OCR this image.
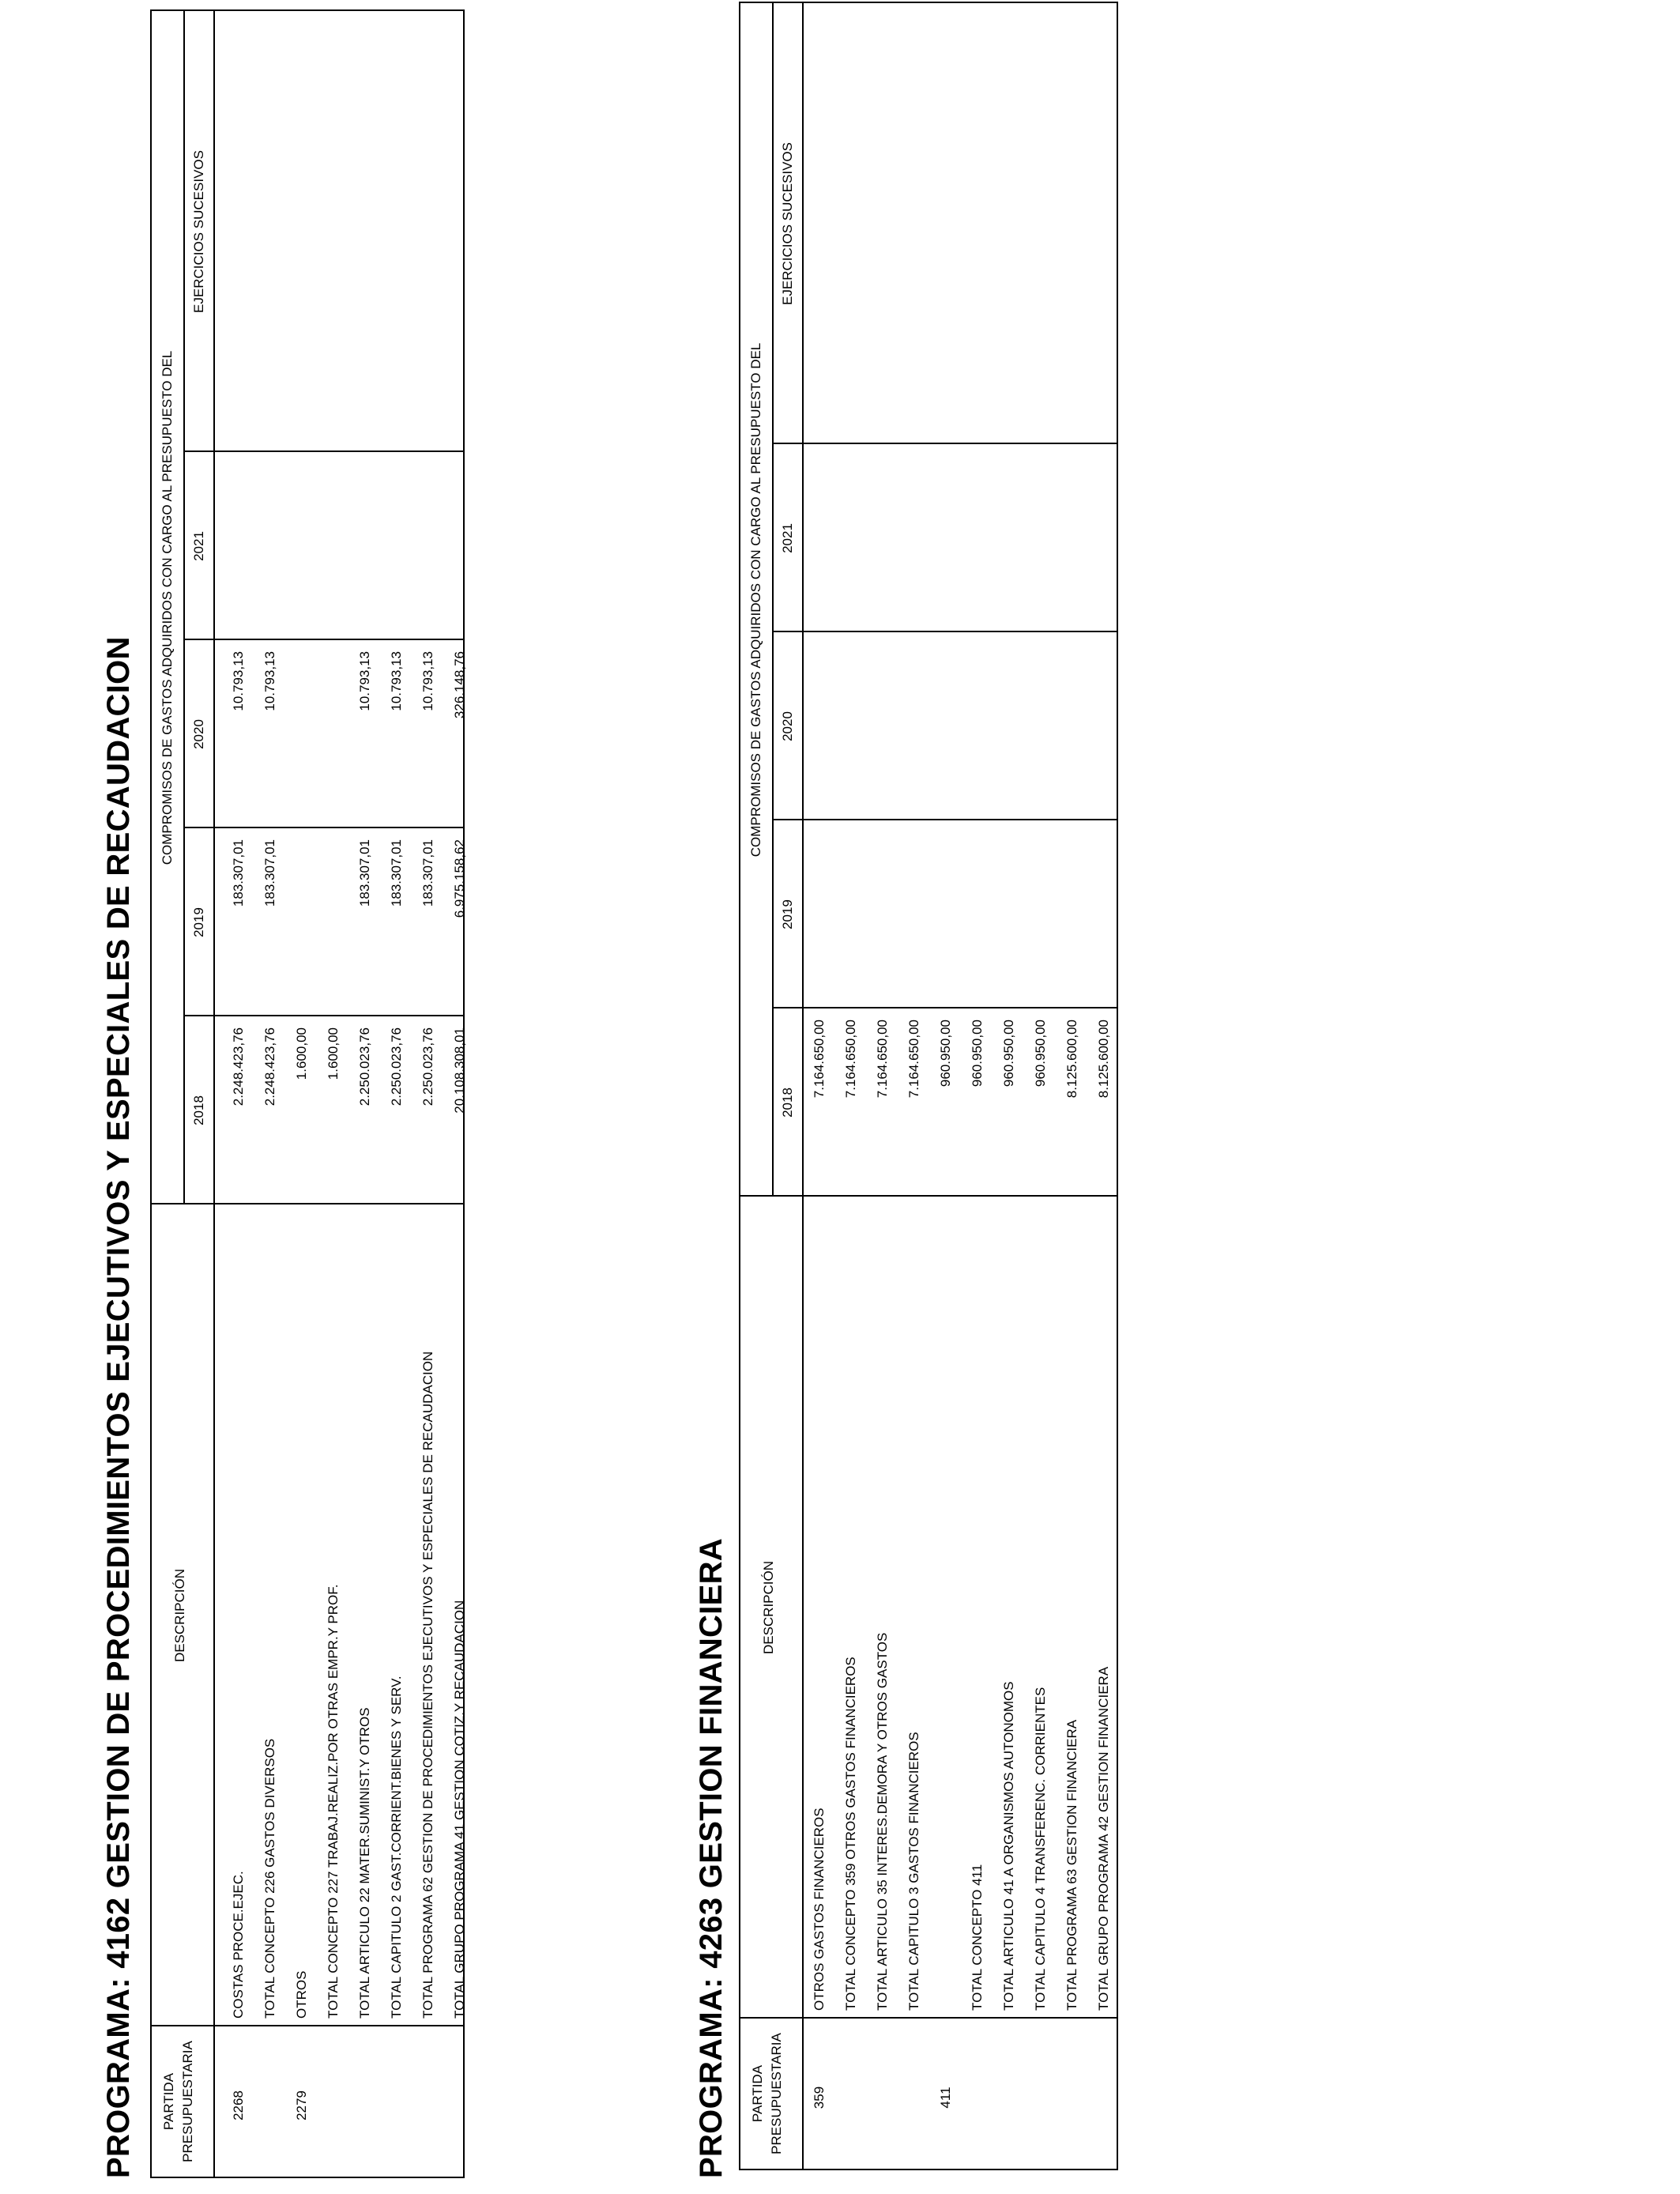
PROGRAMA: 4162 GESTION DE PROCEDIMIENTOS EJECUTIVOS Y ESPECIALES DE RECAUDACION PARTIDA PRESUPUESTARIA
DESCRIPCIÓN
COMPROMISOS DE GASTOS ADQUIRIDOS CON CARGO AL PRESUPUESTO DEL
2018
2019
2020
2021
EJERCICIOS SUCESIVOS
2268
COSTAS PROCE.EJEC.
2.248.423,76
183.307,01
10.793,13
TOTAL CONCEPTO 226 GASTOS DIVERSOS
2.248.423,76
183.307,01
10.793,13
2279
OTROS
1.600,00
TOTAL CONCEPTO 227 TRABAJ.REALIZ.POR OTRAS EMPR.Y PROF.
1.600,00
TOTAL ARTICULO 22 MATER.SUMINIST.Y OTROS
2.250.023,76
183.307,01
10.793,13
TOTAL CAPITULO 2 GAST.CORRIENT.BIENES Y SERV.
2.250.023,76
183.307,01
10.793,13
TOTAL PROGRAMA 62 GESTION DE PROCEDIMIENTOS EJECUTIVOS Y ESPECIALES DE RECAUDACION
2.250.023,76
183.307,01
10.793,13
TOTAL GRUPO PROGRAMA 41 GESTION COTIZ.Y RECAUDACION
20.108.308,01
6.975.158,62
326.148,76
PROGRAMA: 4263 GESTION FINANCIERA PARTIDA PRESUPUESTARIA
DESCRIPCIÓN
COMPROMISOS DE GASTOS ADQUIRIDOS CON CARGO AL PRESUPUESTO DEL
2018
2019
2020
2021
EJERCICIOS SUCESIVOS
359
OTROS GASTOS FINANCIEROS
7.164.650,00
TOTAL CONCEPTO 359 OTROS GASTOS FINANCIEROS
7.164.650,00
TOTAL ARTICULO 35 INTERES.DEMORA Y OTROS GASTOS
7.164.650,00
TOTAL CAPITULO 3 GASTOS FINANCIEROS
7.164.650,00
411
960.950,00
TOTAL CONCEPTO 411
960.950,00
TOTAL ARTICULO 41 A ORGANISMOS AUTONOMOS
960.950,00
TOTAL CAPITULO 4 TRANSFERENC. CORRIENTES
960.950,00
TOTAL PROGRAMA 63 GESTION FINANCIERA
8.125.600,00
TOTAL GRUPO PROGRAMA 42 GESTION FINANCIERA
8.125.600,00
